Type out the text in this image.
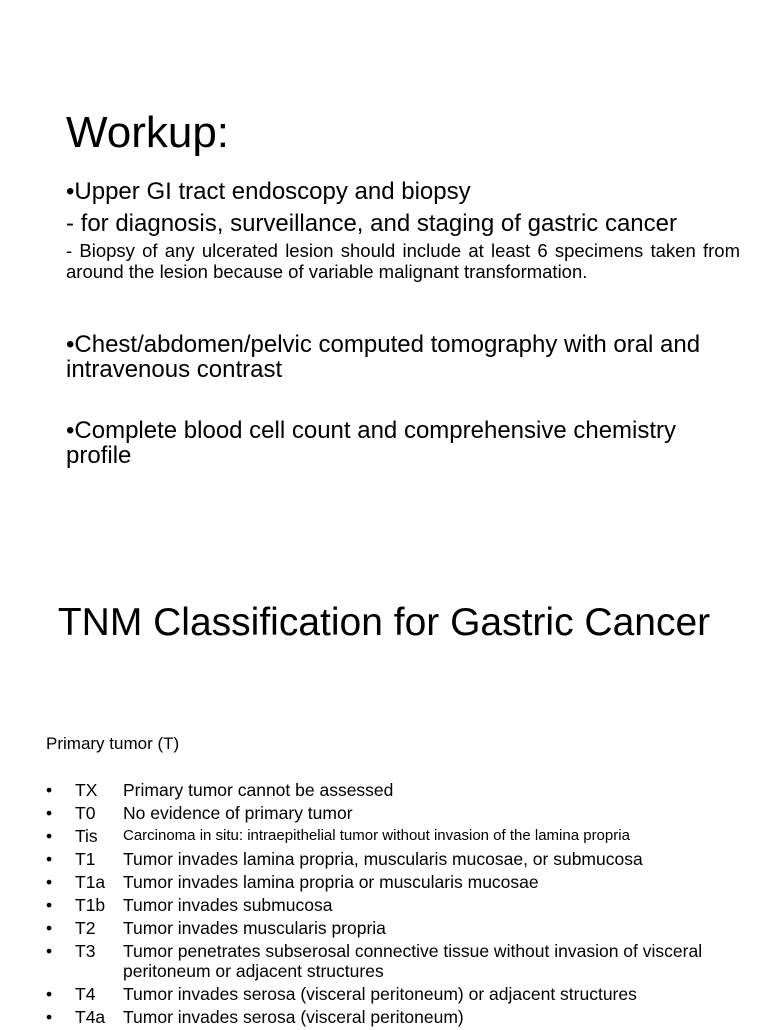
Workup:
•Upper GI tract endoscopy and biopsy
- for diagnosis, surveillance, and staging of gastric cancer
- Biopsy of any ulcerated lesion should include at least 6 specimens taken from around the lesion because of variable malignant transformation.
•Chest/abdomen/pelvic computed tomography with oral and intravenous contrast
•Complete blood cell count and comprehensive chemistry profile
TNM Classification for Gastric Cancer
Primary tumor (T)
•	TX	Primary tumor cannot be assessed
•	T0	No evidence of primary tumor
•	Tis	Carcinoma in situ: intraepithelial tumor without invasion of the lamina propria
•	T1	Tumor invades lamina propria, muscularis mucosae, or submucosa
•	T1a	Tumor invades lamina propria or muscularis mucosae
•	T1b	Tumor invades submucosa
•	T2	Tumor invades muscularis propria
•	T3	Tumor penetrates subserosal connective tissue without invasion of visceral peritoneum or adjacent structures
•	T4	Tumor invades serosa (visceral peritoneum) or adjacent structures
•	T4a	Tumor invades serosa (visceral peritoneum)
